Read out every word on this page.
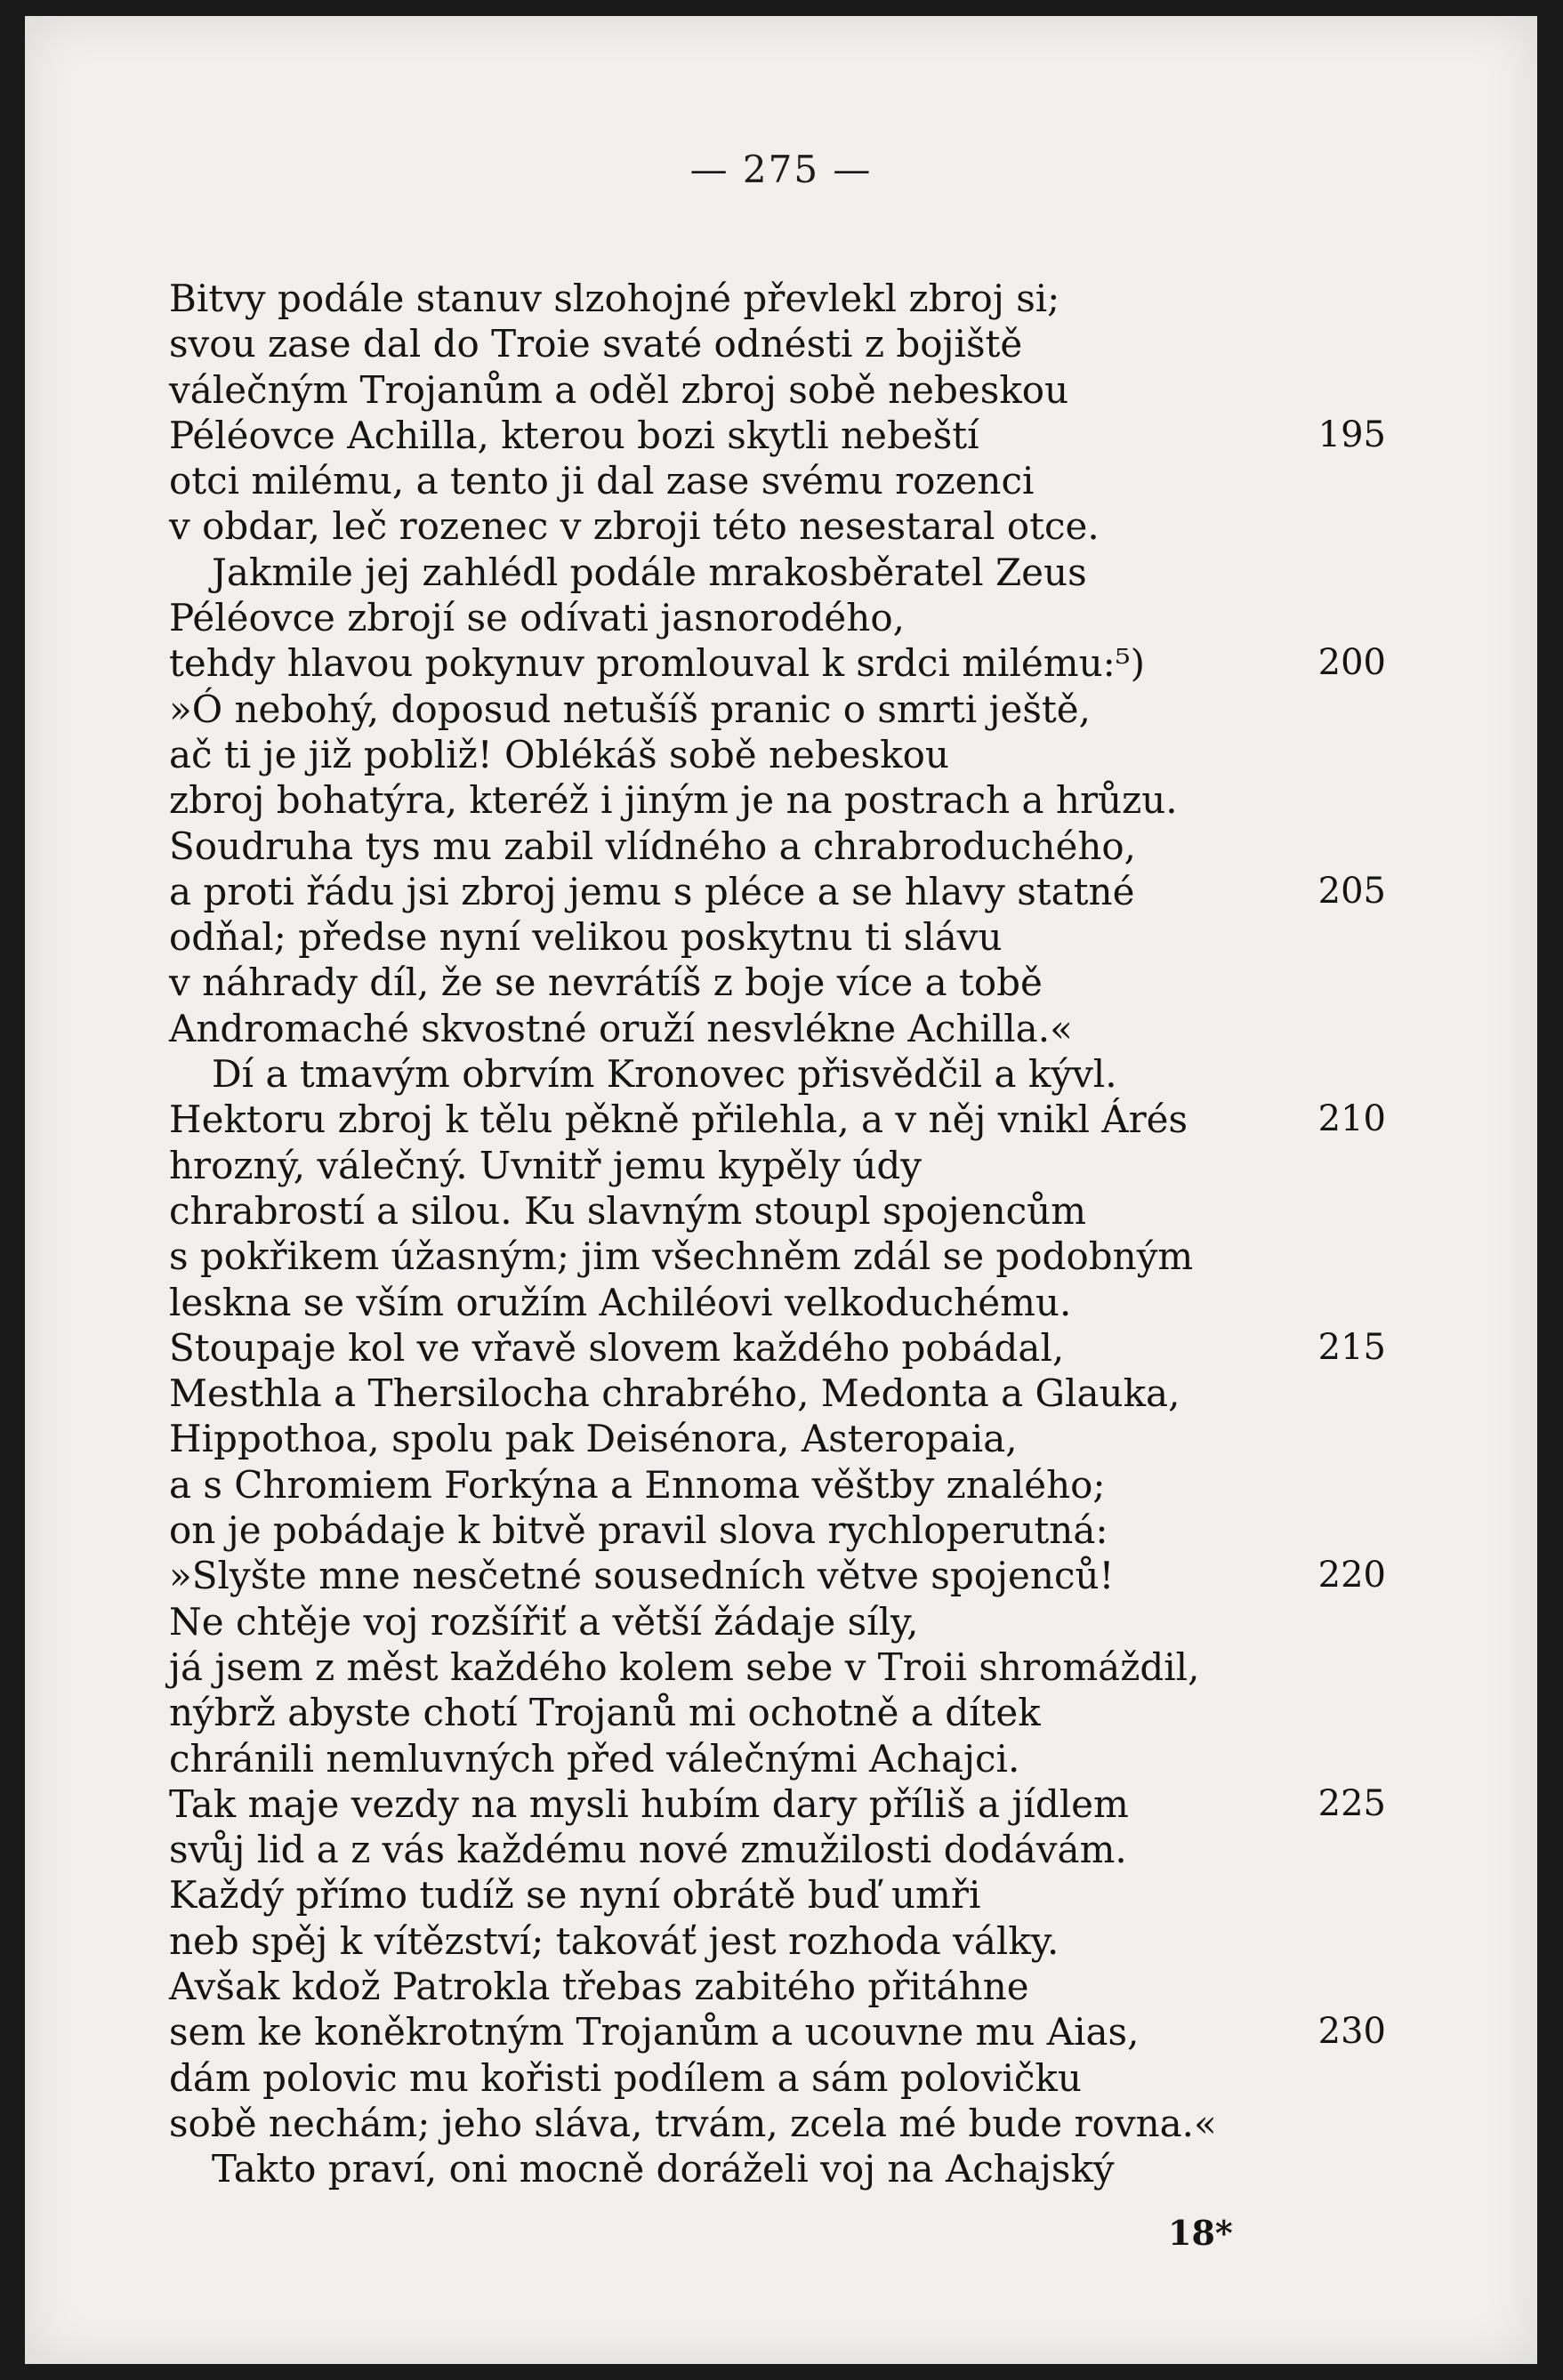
— 275 —
Bitvy podále stanuv slzohojné převlekl zbroj si;
svou zase dal do Troie svaté odnésti z bojiště
válečným Trojanům a oděl zbroj sobě nebeskou
Péléovce Achilla, kterou bozi skytli nebeští
otci milému, a tento ji dal zase svému rozenci
v obdar, leč rozenec v zbroji této nesestaral otce.
Jakmile jej zahlédl podále mrakosběratel Zeus
Péléovce zbrojí se odívati jasnorodého,
tehdy hlavou pokynuv promlouval k srdci milému:⁵)
»Ó nebohý, doposud netušíš pranic o smrti ještě,
ač ti je již pobliž! Oblékáš sobě nebeskou
zbroj bohatýra, kteréž i jiným je na postrach a hrůzu.
Soudruha tys mu zabil vlídného a chrabroduchého,
a proti řádu jsi zbroj jemu s pléce a se hlavy statné
odňal; předse nyní velikou poskytnu ti slávu
v náhrady díl, že se nevrátíš z boje více a tobě
Andromaché skvostné oruží nesvlékne Achilla.«
Dí a tmavým obrvím Kronovec přisvědčil a kývl.
Hektoru zbroj k tělu pěkně přilehla, a v něj vnikl Árés
hrozný, válečný. Uvnitř jemu kypěly údy
chrabrostí a silou. Ku slavným stoupl spojencům
s pokřikem úžasným; jim všechněm zdál se podobným
leskna se vším oružím Achiléovi velkoduchému.
Stoupaje kol ve vřavě slovem každého pobádal,
Mesthla a Thersilocha chrabrého, Medonta a Glauka,
Hippothoa, spolu pak Deisénora, Asteropaia,
a s Chromiem Forkýna a Ennoma věštby znalého;
on je pobádaje k bitvě pravil slova rychloperutná:
»Slyšte mne nesčetné sousedních větve spojenců!
Ne chtěje voj rozšířiť a větší žádaje síly,
já jsem z měst každého kolem sebe v Troii shromáždil,
nýbrž abyste chotí Trojanů mi ochotně a dítek
chránili nemluvných před válečnými Achajci.
Tak maje vezdy na mysli hubím dary příliš a jídlem
svůj lid a z vás každému nové zmužilosti dodávám.
Každý přímo tudíž se nyní obrátě buď umři
neb spěj k vítězství; takováť jest rozhoda války.
Avšak kdož Patrokla třebas zabitého přitáhne
sem ke koněkrotným Trojanům a ucouvne mu Aias,
dám polovic mu kořisti podílem a sám polovičku
sobě nechám; jeho sláva, trvám, zcela mé bude rovna.«
Takto praví, oni mocně doráželi voj na Achajský
195
200
205
210
215
220
225
230
18*
